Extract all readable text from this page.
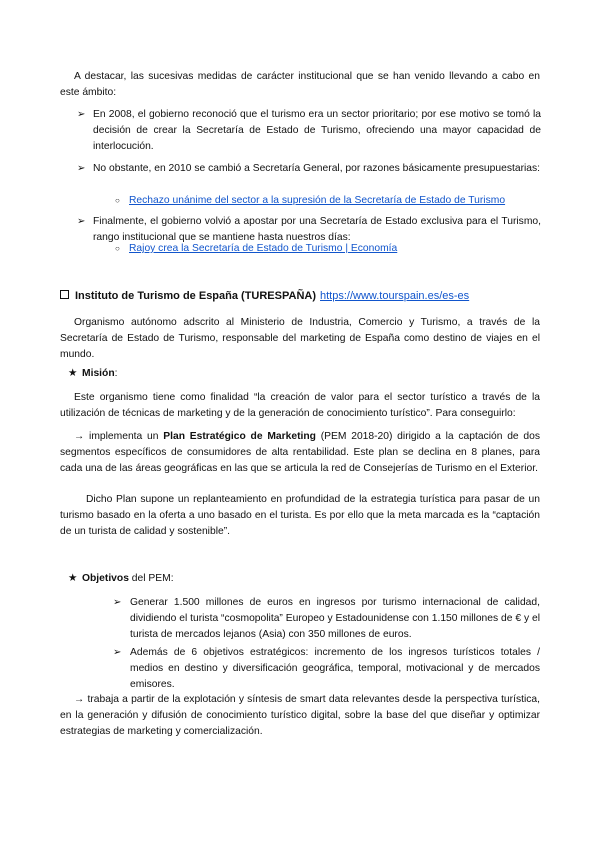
A destacar, las sucesivas medidas de carácter institucional que se han venido llevando a cabo en este ámbito:

➢ En 2008, el gobierno reconoció que el turismo era un sector prioritario; por ese motivo se tomó la decisión de crear la Secretaría de Estado de Turismo, ofreciendo una mayor capacidad de interlocución.

➢ No obstante, en 2010 se cambió a Secretaría General, por razones básicamente presupuestarias:

○ Rechazo unánime del sector a la supresión de la Secretaría de Estado de Turismo
➢ Finalmente, el gobierno volvió a apostar por una Secretaría de Estado exclusiva para el Turismo, rango institucional que se mantiene hasta nuestros días:

○ Rajoy crea la Secretaría de Estado de Turismo | Economía
Instituto de Turismo de España (TURESPAÑA) https://www.tourspain.es/es-es

Organismo autónomo adscrito al Ministerio de Industria, Comercio y Turismo, a través de la Secretaría de Estado de Turismo, responsable del marketing de España como destino de viajes en el mundo.

★ Misión:

Este organismo tiene como finalidad “la creación de valor para el sector turístico a través de la utilización de técnicas de marketing y de la generación de conocimiento turístico”. Para conseguirlo:

→ implementa un Plan Estratégico de Marketing (PEM 2018-20) dirigido a la captación de dos segmentos específicos de consumidores de alta rentabilidad. Este plan se declina en 8 planes, para cada una de las áreas geográficas en las que se articula la red de Consejerías de Turismo en el Exterior.

Dicho Plan supone un replanteamiento en profundidad de la estrategia turística para pasar de un turismo basado en la oferta a uno basado en el turista. Es por ello que la meta marcada es la “captación de un turista de calidad y sostenible”.

★ Objetivos del PEM:
➢ Generar 1.500 millones de euros en ingresos por turismo internacional de calidad, dividiendo el turista “cosmopolita” Europeo y Estadounidense con 1.150 millones de € y el turista de mercados lejanos (Asia) con 350 millones de euros.

➢ Además de 6 objetivos estratégicos: incremento de los ingresos turísticos totales / medios en destino y diversificación geográfica, temporal, motivacional y de mercados emisores.

→ trabaja a partir de la explotación y síntesis de smart data relevantes desde la perspectiva turística, en la generación y difusión de conocimiento turístico digital, sobre la base del que diseñar y optimizar estrategias de marketing y comercialización.
